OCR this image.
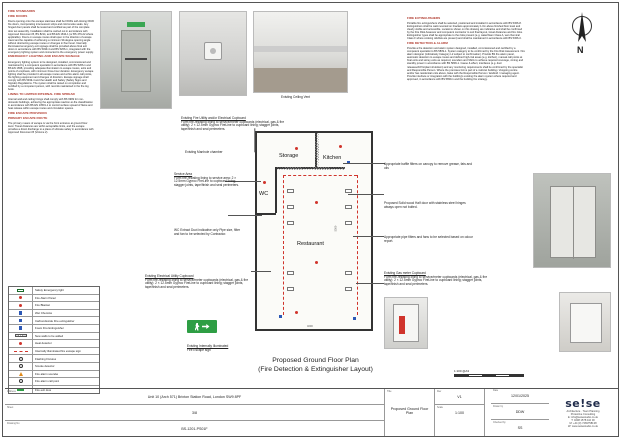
FIRE STANDARDS

FIRE DOORS

Doors opening onto the escape staircase shall be FD30s self-closing FD30 fire doors, incorporating intumescent strips and cold smoke seals. Any hinged door panels shall be tested and certified as part of the complete door set assembly. Installation shall be carried out in accordance with Approved Document B, BS 8214, and BS EN 1634-1 (or BS 476-22 where applicable). Doors on escape routes shall open in the direction of escape travel and be capable of achieving a minimum 90-degree opening angle without obstructing escape routes or changes in floor level. Internally illuminated emergency exit signage shall be provided above final exit doors in accordance with BS 5499-4 and BS 5266-1, integrated with the emergency lighting system and connected to the emergency power supply.

EMERGENCY LIGHTING AND ESCAPE SIGNAGE

Emergency lighting system to be designed, installed, commissioned and maintained by a competent specialist in accordance with BS 5266-1 and BS EN 1838, providing adequate illumination to escape routes, exits and points of emphasis, with minimum three-hour duration. Emergency escape lighting shall be provided in all escape routes and at fire alarm call points, fire fighting equipment and changes of direction. Escape signage shall comply with BS 5499-4 and the Health and Safety (Safety Signs and Signals) Regulations. The system shall be tested on completion and certified by a competent person, with records maintained in the fire log book.

LINING TO LIMITED INTERNAL FIRE SPREAD

Internal wall and ceiling linings shall comply with BS 9999 for non-domestic buildings, achieving the appropriate reaction-to-fire classification in accordance with BS EN 13501-1 to control surface spread of flame and heat release within escape routes and circulation spaces.

FIRE ESCAPE PROVISION

PRIMARY ESCAPE ROUTE

The primary means of escape is via the front entrance at ground floor level. Travel distances are within acceptable limits, and the escape provides a direct discharge to a place of ultimate safety in accordance with Approved Document B (Volume 2).

Safety Emergency light
Fire Alarm Panel
Fire Blanket
Wet Chemical
Carbondioxide Fire extinguisher
Foam Fire Extinguisher
New walls to be added
Heat detector
Internally illuminated fire escape sign
Flashing Fixtures
Smoke detector
Fire alarm sounder
Fire alarm call point
Fire exit door
Existing Manhole chamber
Existing Ceiling Vent
Storage	Kitchen
WC
Restaurant
5300
4000
Existing Fire Utility and/or Electrical Cupboard
Form fire-resisting lining to service/meter cupboards (electrical, gas & fire utility): 2 × 12.5mm Gyproc FireLine to cupboard lining; stagger joints, tape/finish and seal perimeters.
Service Area
Form fire-resisting lining to service area: 2 × 12.5mm Gyproc FireLine to cupboard lining; stagger joints, tape/finish and seal perimeters.
WC Extract Duct indicative only Pipe size, filter and fan to be selected by Contractor.
Appropriate baffle filters on canopy to remove grease, fats and oils
Proposed Solid wood Half door with stainless steel hinges always open not bolted.
Appropriate pipe filters and fans to be selected based on odour report.
Existing Electrical Utility Cupboard
Form fire-resisting lining to service/meter cupboards (electrical, gas & fire utility): 2 × 12.5mm Gyproc FireLine to cupboard lining; stagger joints, tape/finish and seal perimeters.
Existing Gas meter Cupboard
Form fire-resisting lining to service/meter cupboards (electrical, gas & fire utility): 2 × 12.5mm Gyproc FireLine to cupboard lining; stagger joints, tape/finish and seal perimeters.
Existing Internally Illuminated
Fire Escape sign
Proposed Ground Floor Plan
(Fire Detection & Extinguisher Layout)

FIRE EXTINGUISHERS

Portable fire extinguishers shall be selected, positioned and installed in accordance with BS 5306-8. Extinguishers shall be wall-mounted on brackets approximately 1.0m above finished floor level and clearly visible and accessible. Locations shown on this drawing are indicative and shall be confirmed by the Fire Risk Assessor and competent contractor to suit final layout, travel distances and fire risks. Extinguisher types shall be appropriate to the risks present (e.g. water/foam Class A, wet chemical Class F where cooking oils/fats are present) and shall be maintained in accordance with BS 5306-3.

FIRE DETECTION & ALARM

Provide a fire detection and alarm system designed, installed, commissioned and certified by a competent specialist to BS 5839-1. System category to be confirmed by the Fire Risk Assessment / fire alarm designer (indicatively Category L2 subject to confirmation). Provide BS fire alarm panel, automatic detection to escape routes and defined high-risk areas (e.g. kitchen), manual call points at final exits and storey exits as required, sounders and VADs to achieve required coverage, zoning and standby power in accordance with BS 5839-1. Cause & effect, interfaces (e.g. door releases/AOVs/plant shutdown) and any monitoring requirements shall be confirmed by the specialist and Responsible Person. Where the premises forms part of a multi-let building / shopping centre and/or has residential units above, liaise with the Responsible Person / landlord / managing agent. Provide interface or integration with the building's existing fire alarm system where required and approved, in accordance with BS 5839-1 and the building fire strategy.

N
1:100 @A3
Address
Unit 10 (Arch 571) Brixton Station Road, London SW9 8PF
Sheet
3/8
Drawing No
BS-1201-PS01F
Title
Proposed Ground Floor Plan
Rev
V1
Scale
1:100
Date
12/01/2025
Drawn by
DDW
Checked by
SS
se!se
Architecture · Town Planning
Protective Consulting
E: info@seisestudio.co.uk
T: 0208 1578 110 00
M: +44 (0) 7469758138
W: www.seisestudio.co.uk
